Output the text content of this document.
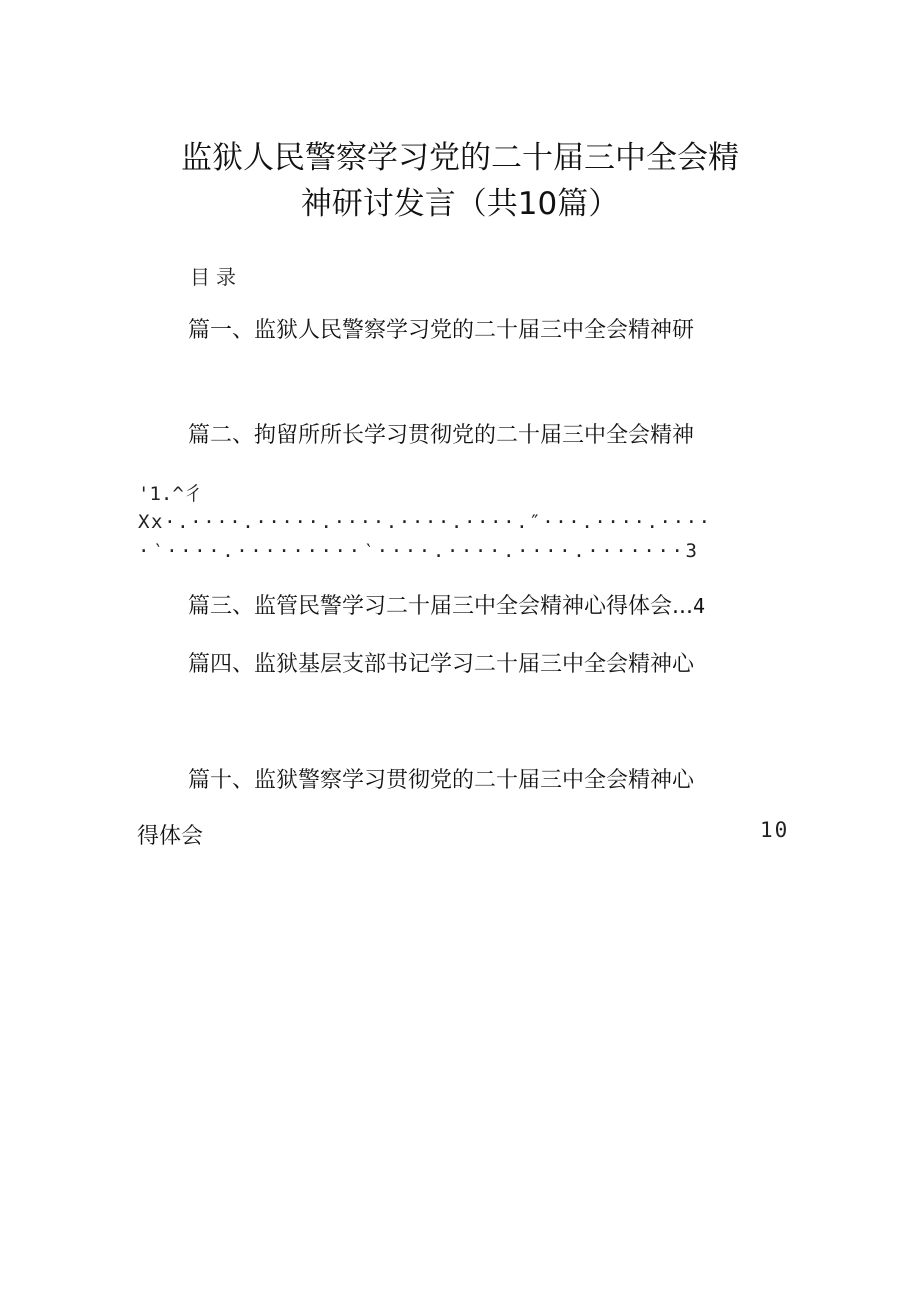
监狱人民警察学习党的二十届三中全会精
神研讨发言（共10篇）
目录
篇一、监狱人民警察学习党的二十届三中全会精神研
篇二、拘留所所长学习贯彻党的二十届三中全会精神
'1.^彳
Xx·.····.·····.····.····.····.″···.····.····
·‵····.·········‵····.····.····.·······3
篇三、监管民警学习二十届三中全会精神心得体会...4
篇四、监狱基层支部书记学习二十届三中全会精神心
篇十、监狱警察学习贯彻党的二十届三中全会精神心
得体会	10
